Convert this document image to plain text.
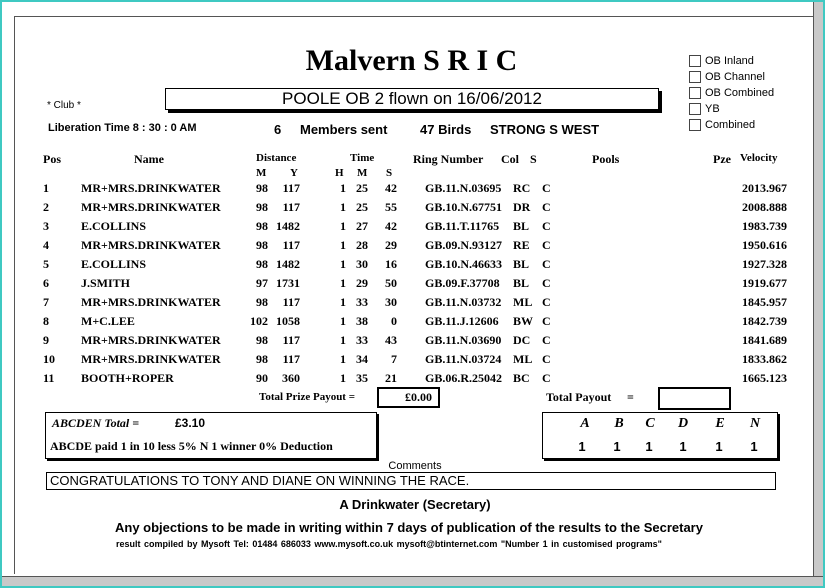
Malvern S R I C
* Club *	POOLE OB 2 flown on 16/06/2012
OB Inland
OB Channel
OB Combined
YB
Combined
Liberation Time 8 : 30 : 0 AM	6 Members sent	47 Birds STRONG S WEST
Pos	Name	Distance	Time	Ring Number Col S	Pools	Pze Velocity
M Y	H M S
1	MR+MRS.DRINKWATER	98 117	1 25 42 GB.11.N.03695 RC C	2013.967
2	MR+MRS.DRINKWATER	98 117	1 25 55 GB.10.N.67751 DR C	2008.888
3	E.COLLINS	98 1482	1 27 42 GB.11.T.11765 BL C	1983.739
4	MR+MRS.DRINKWATER	98 117	1 28 29 GB.09.N.93127 RE C	1950.616
5	E.COLLINS	98 1482	1 30 16 GB.10.N.46633 BL C	1927.328
6	J.SMITH	97 1731	1 29 50 GB.09.F.37708 BL C	1919.677
7	MR+MRS.DRINKWATER	98 117	1 33 30 GB.11.N.03732 ML C	1845.957
8	M+C.LEE	102 1058	1 38 0 GB.11.J.12606 BW C	1842.739
9	MR+MRS.DRINKWATER	98 117	1 33 43 GB.11.N.03690 DC C	1841.689
10 MR+MRS.DRINKWATER	98 117	1 34 7 GB.11.N.03724 ML C	1833.862
11 BOOTH+ROPER	90 360	1 35 21 GB.06.R.25042 BC C	1665.123
Total Prize Payout =	£0.00	Total Payout =
ABCDEN Total =	£3.10
ABCDE paid 1 in 10 less 5% N 1 winner 0% Deduction
A	B	C	D	E	N
1	1	1	1	1	1
Comments
CONGRATULATIONS TO TONY AND DIANE ON WINNING THE RACE.
A Drinkwater (Secretary)
Any objections to be made in writing within 7 days of publication of the results to the Secretary
result compiled by Mysoft Tel: 01484 686033 www.mysoft.co.uk mysoft@btinternet.com "Number 1 in customised programs"
